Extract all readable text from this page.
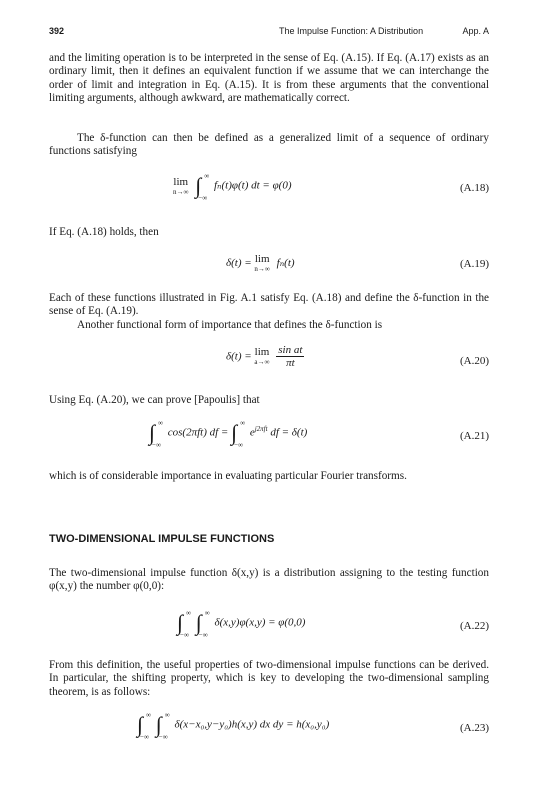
392	The Impulse Function: A Distribution	App. A

and the limiting operation is to be interpreted in the sense of Eq. (A.15). If Eq. (A.17) exists as an ordinary limit, then it defines an equivalent function if we assume that we can interchange the order of limit and integration in Eq. (A.15). It is from these arguments that the conventional limiting arguments, although awkward, are mathematically correct.

The δ-function can then be defined as a generalized limit of a sequence of ordinary functions satisfying

lim
n→∞ ∫ ∞
−∞
fₙ(t)φ(t) dt = φ(0)	(A.18)

If Eq. (A.18) holds, then

δ(t) = lim
n→∞ fₙ(t)	(A.19)

Each of these functions illustrated in Fig. A.1 satisfy Eq. (A.18) and define the δ-function in the sense of Eq. (A.19).

Another functional form of importance that defines the δ-function is

δ(t) = lim
a→∞
$\frac{\text{sin at}}{\pi t}$	(A.20)

Using Eq. (A.20), we can prove [Papoulis] that

∫ ∞
−∞
cos(2πft) df = ∫ ∞
−∞
$e^{j2\pi ft}$ df = δ(t)	(A.21)

which is of considerable importance in evaluating particular Fourier transforms.

TWO-DIMENSIONAL IMPULSE FUNCTIONS

The two-dimensional impulse function δ(x,y) is a distribution assigning to the testing function φ(x,y) the number φ(0,0):

∫ ∞
−∞ ∫ ∞
−∞
δ(x,y)φ(x,y) = φ(0,0)	(A.22)

From this definition, the useful properties of two-dimensional impulse functions can be derived. In particular, the shifting property, which is key to developing the two-dimensional sampling theorem, is as follows:

∫ ∞
−∞ ∫ ∞
−∞
δ(x−x₀,y−y₀)h(x,y) dx dy = h(x₀,y₀)	(A.23)
